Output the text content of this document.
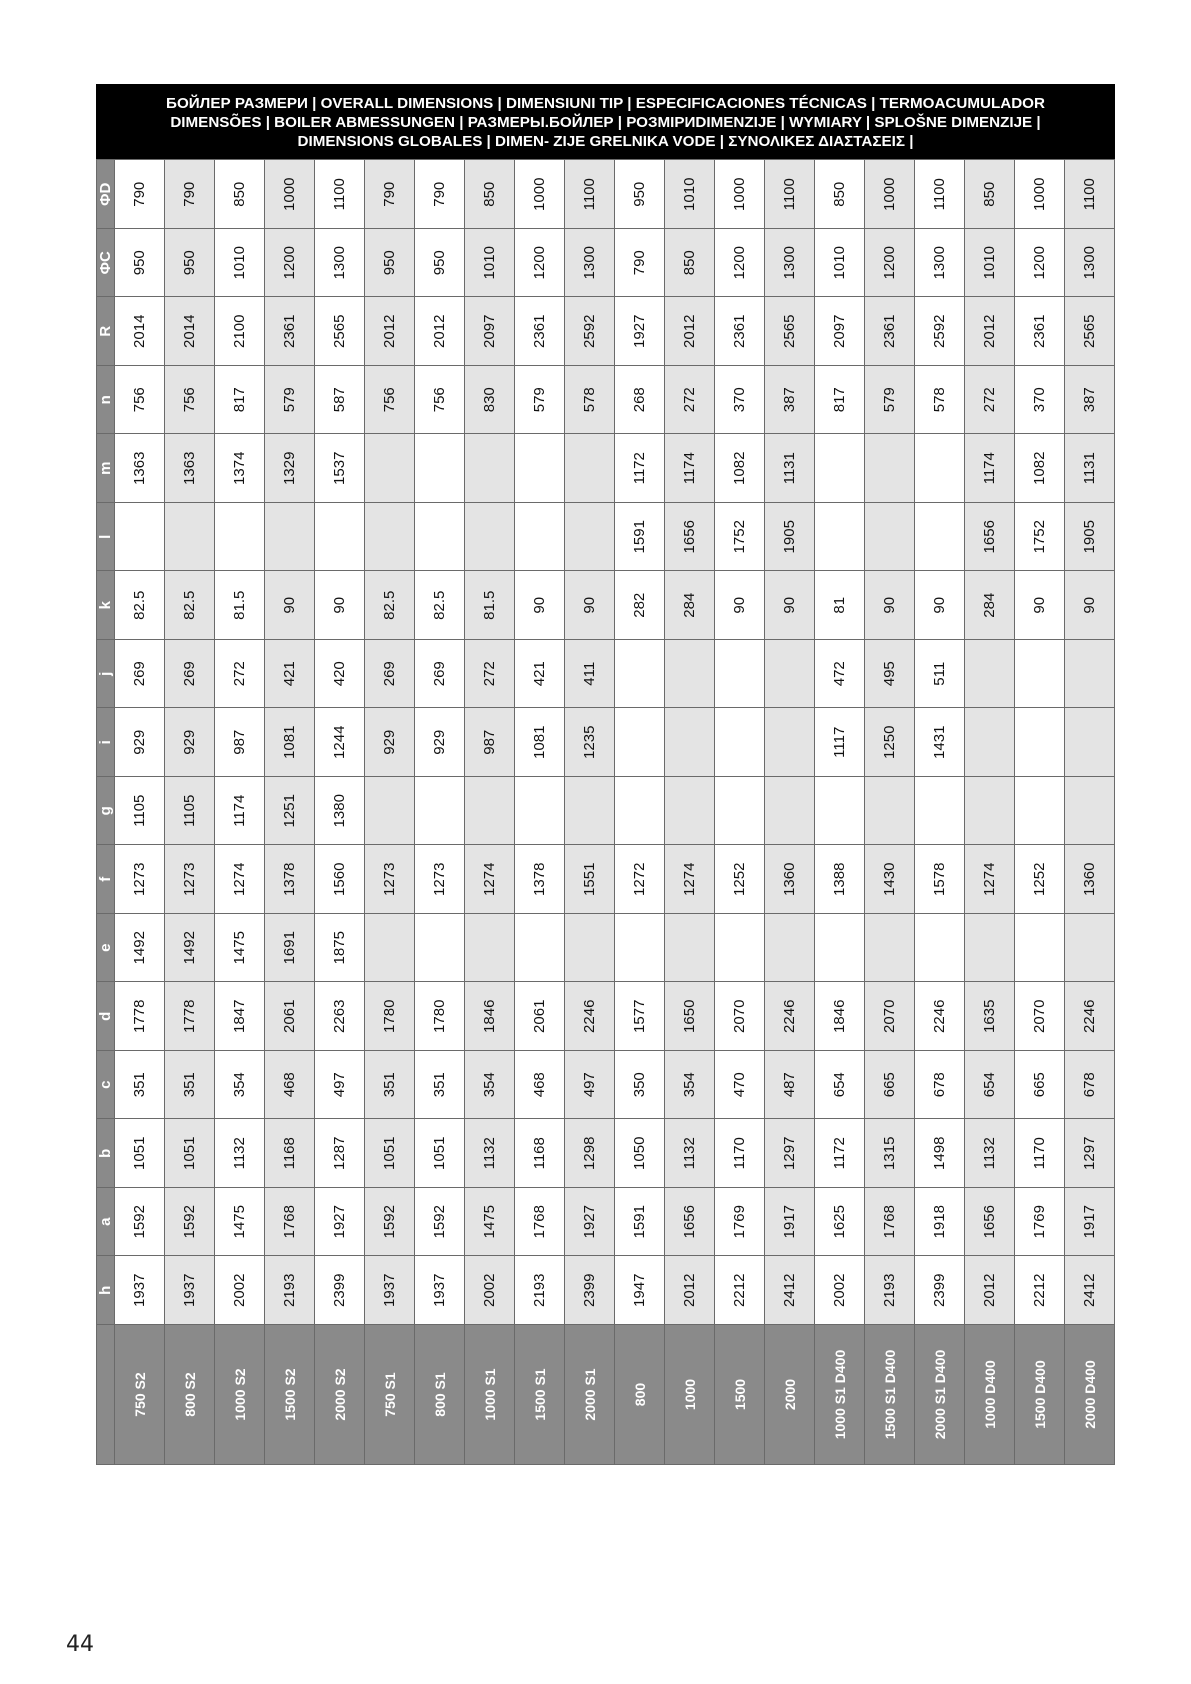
БОЙЛЕР РАЗМЕРИ | OVERALL DIMENSIONS | DIMENSIUNI TIP | ESPECIFICACIONES TÉCNICAS | TERMOACUMULADOR
DIMENSÕES | BOILER ABMESSUNGEN | РАЗМЕРЫ.БОЙЛЕР | РОЗМІРИDIMENZIJE | WYMIARY | SPLOŠNE DIMENZIJE |
DIMENSIONS GLOBALES | DIMEN- ZIJE GRELNIKA VODE | ΣΥΝΟΛΙΚΕΣ ΔΙΑΣΤΑΣΕΙΣ |
	h	a	b	c	d	e	f	g	i	j	k	l	m	n	R	ΦC	ΦD
750 S2	1937	1592	1051	351	1778	1492	1273	1105	929	269	82.5		1363	756	2014	950	790
800 S2	1937	1592	1051	351	1778	1492	1273	1105	929	269	82.5		1363	756	2014	950	790
1000 S2	2002	1475	1132	354	1847	1475	1274	1174	987	272	81.5		1374	817	2100	1010	850
1500 S2	2193	1768	1168	468	2061	1691	1378	1251	1081	421	90		1329	579	2361	1200	1000
2000 S2	2399	1927	1287	497	2263	1875	1560	1380	1244	420	90		1537	587	2565	1300	1100
750 S1	1937	1592	1051	351	1780		1273		929	269	82.5			756	2012	950	790
800 S1	1937	1592	1051	351	1780		1273		929	269	82.5			756	2012	950	790
1000 S1	2002	1475	1132	354	1846		1274		987	272	81.5			830	2097	1010	850
1500 S1	2193	1768	1168	468	2061		1378		1081	421	90			579	2361	1200	1000
2000 S1	2399	1927	1298	497	2246		1551		1235	411	90			578	2592	1300	1100
800	1947	1591	1050	350	1577		1272				282	1591	1172	268	1927	790	950
1000	2012	1656	1132	354	1650		1274				284	1656	1174	272	2012	850	1010
1500	2212	1769	1170	470	2070		1252				90	1752	1082	370	2361	1200	1000
2000	2412	1917	1297	487	2246		1360				90	1905	1131	387	2565	1300	1100
1000 S1 D400	2002	1625	1172	654	1846		1388		1117	472	81			817	2097	1010	850
1500 S1 D400	2193	1768	1315	665	2070		1430		1250	495	90			579	2361	1200	1000
2000 S1 D400	2399	1918	1498	678	2246		1578		1431	511	90			578	2592	1300	1100
1000 D400	2012	1656	1132	654	1635		1274				284	1656	1174	272	2012	1010	850
1500 D400	2212	1769	1170	665	2070		1252				90	1752	1082	370	2361	1200	1000
2000 D400	2412	1917	1297	678	2246		1360				90	1905	1131	387	2565	1300	1100
44
